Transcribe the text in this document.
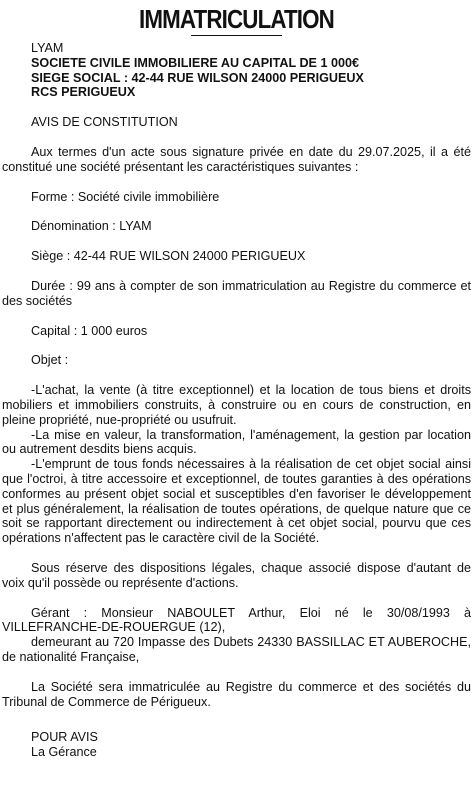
IMMATRICULATION

LYAM

SOCIETE CIVILE IMMOBILIERE AU CAPITAL DE 1 000€

SIEGE SOCIAL : 42-44 RUE WILSON 24000 PERIGUEUX

RCS PERIGUEUX

AVIS DE CONSTITUTION

Aux termes d'un acte sous signature privée en date du 29.07.2025, il a été constitué une société présentant les caractéristiques suivantes :

Forme : Société civile immobilière

Dénomination : LYAM

Siège : 42-44 RUE WILSON 24000 PERIGUEUX

Durée : 99 ans à compter de son immatriculation au Registre du commerce et des sociétés

Capital : 1 000 euros

Objet :

-L'achat, la vente (à titre exceptionnel) et la location de tous biens et droits mobiliers et immobiliers construits, à construire ou en cours de construction, en pleine propriété, nue-propriété ou usufruit.

-La mise en valeur, la transformation, l'aménagement, la gestion par location ou autrement desdits biens acquis.

-L'emprunt de tous fonds nécessaires à la réalisation de cet objet social ainsi que l'octroi, à titre accessoire et exceptionnel, de toutes garanties à des opérations conformes au présent objet social et susceptibles d'en favoriser le développement et plus généralement, la réalisation de toutes opérations, de quelque nature que ce soit se rapportant directement ou indirectement à cet objet social, pourvu que ces opérations n'affectent pas le caractère civil de la Société.

Sous réserve des dispositions légales, chaque associé dispose d'autant de voix qu'il possède ou représente d'actions.

Gérant : Monsieur NABOULET Arthur, Eloi né le 30/08/1993 à VILLEFRANCHE-DE-ROUERGUE (12),

demeurant au 720 Impasse des Dubets 24330 BASSILLAC ET AUBEROCHE, de nationalité Française,

La Société sera immatriculée au Registre du commerce et des sociétés du Tribunal de Commerce de Périgueux.

POUR AVIS

La Gérance
